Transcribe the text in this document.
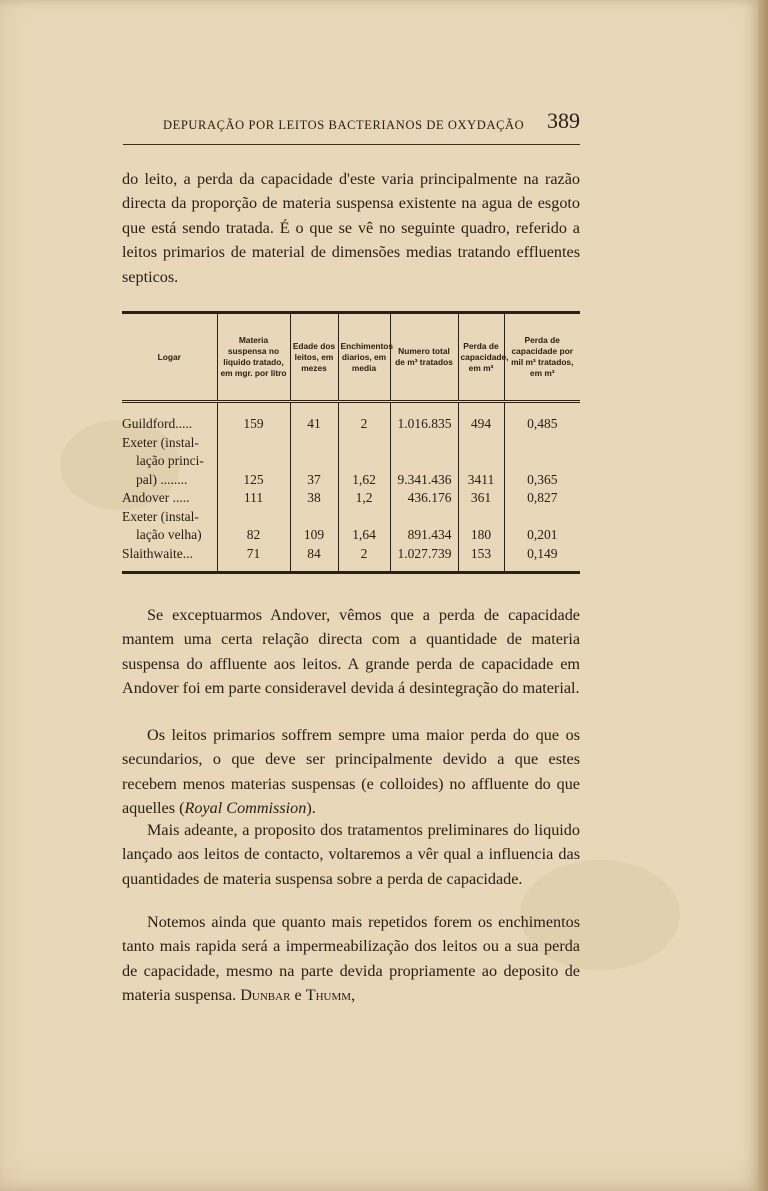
DEPURAÇÃO POR LEITOS BACTERIANOS DE OXYDAÇÃO 389

do leito, a perda da capacidade d'este varia principalmente na razão directa da proporção de materia suspensa existente na agua de esgoto que está sendo tratada. É o que se vê no seguinte quadro, referido a leitos primarios de material de dimensões medias tratando effluentes septicos.

Logar	Materia suspensa no liquido tratado, em mgr. por litro	Edade dos leitos, em mezes	Enchimentos diarios, em media	Numero total de m³ tratados	Perda de capacidade, em m³	Perda de capacidade por mil m³ tratados, em m³

Guildford.....	159	41	2	1.016.835	494	0,485

Exeter (instal-
lação princi-
pal) ........	125	37	1,62	9.341.436	3411	0,365

Andover .....	111	38	1,2	436.176	361	0,827

Exeter (instal-
lação velha)	82	109	1,64	891.434	180	0,201

Slaithwaite...	71	84	2	1.027.739	153	0,149

Se exceptuarmos Andover, vêmos que a perda de capacidade mantem uma certa relação directa com a quantidade de materia suspensa do affluente aos leitos. A grande perda de capacidade em Andover foi em parte consideravel devida á desintegração do material.

Os leitos primarios soffrem sempre uma maior perda do que os secundarios, o que deve ser principalmente devido a que estes recebem menos materias suspensas (e colloides) no affluente do que aquelles (Royal Commission).

Mais adeante, a proposito dos tratamentos preliminares do liquido lançado aos leitos de contacto, voltaremos a vêr qual a influencia das quantidades de materia suspensa sobre a perda de capacidade.

Notemos ainda que quanto mais repetidos forem os enchimentos tanto mais rapida será a impermeabilização dos leitos ou a sua perda de capacidade, mesmo na parte devida propriamente ao deposito de materia suspensa. Dunbar e Thumm,
